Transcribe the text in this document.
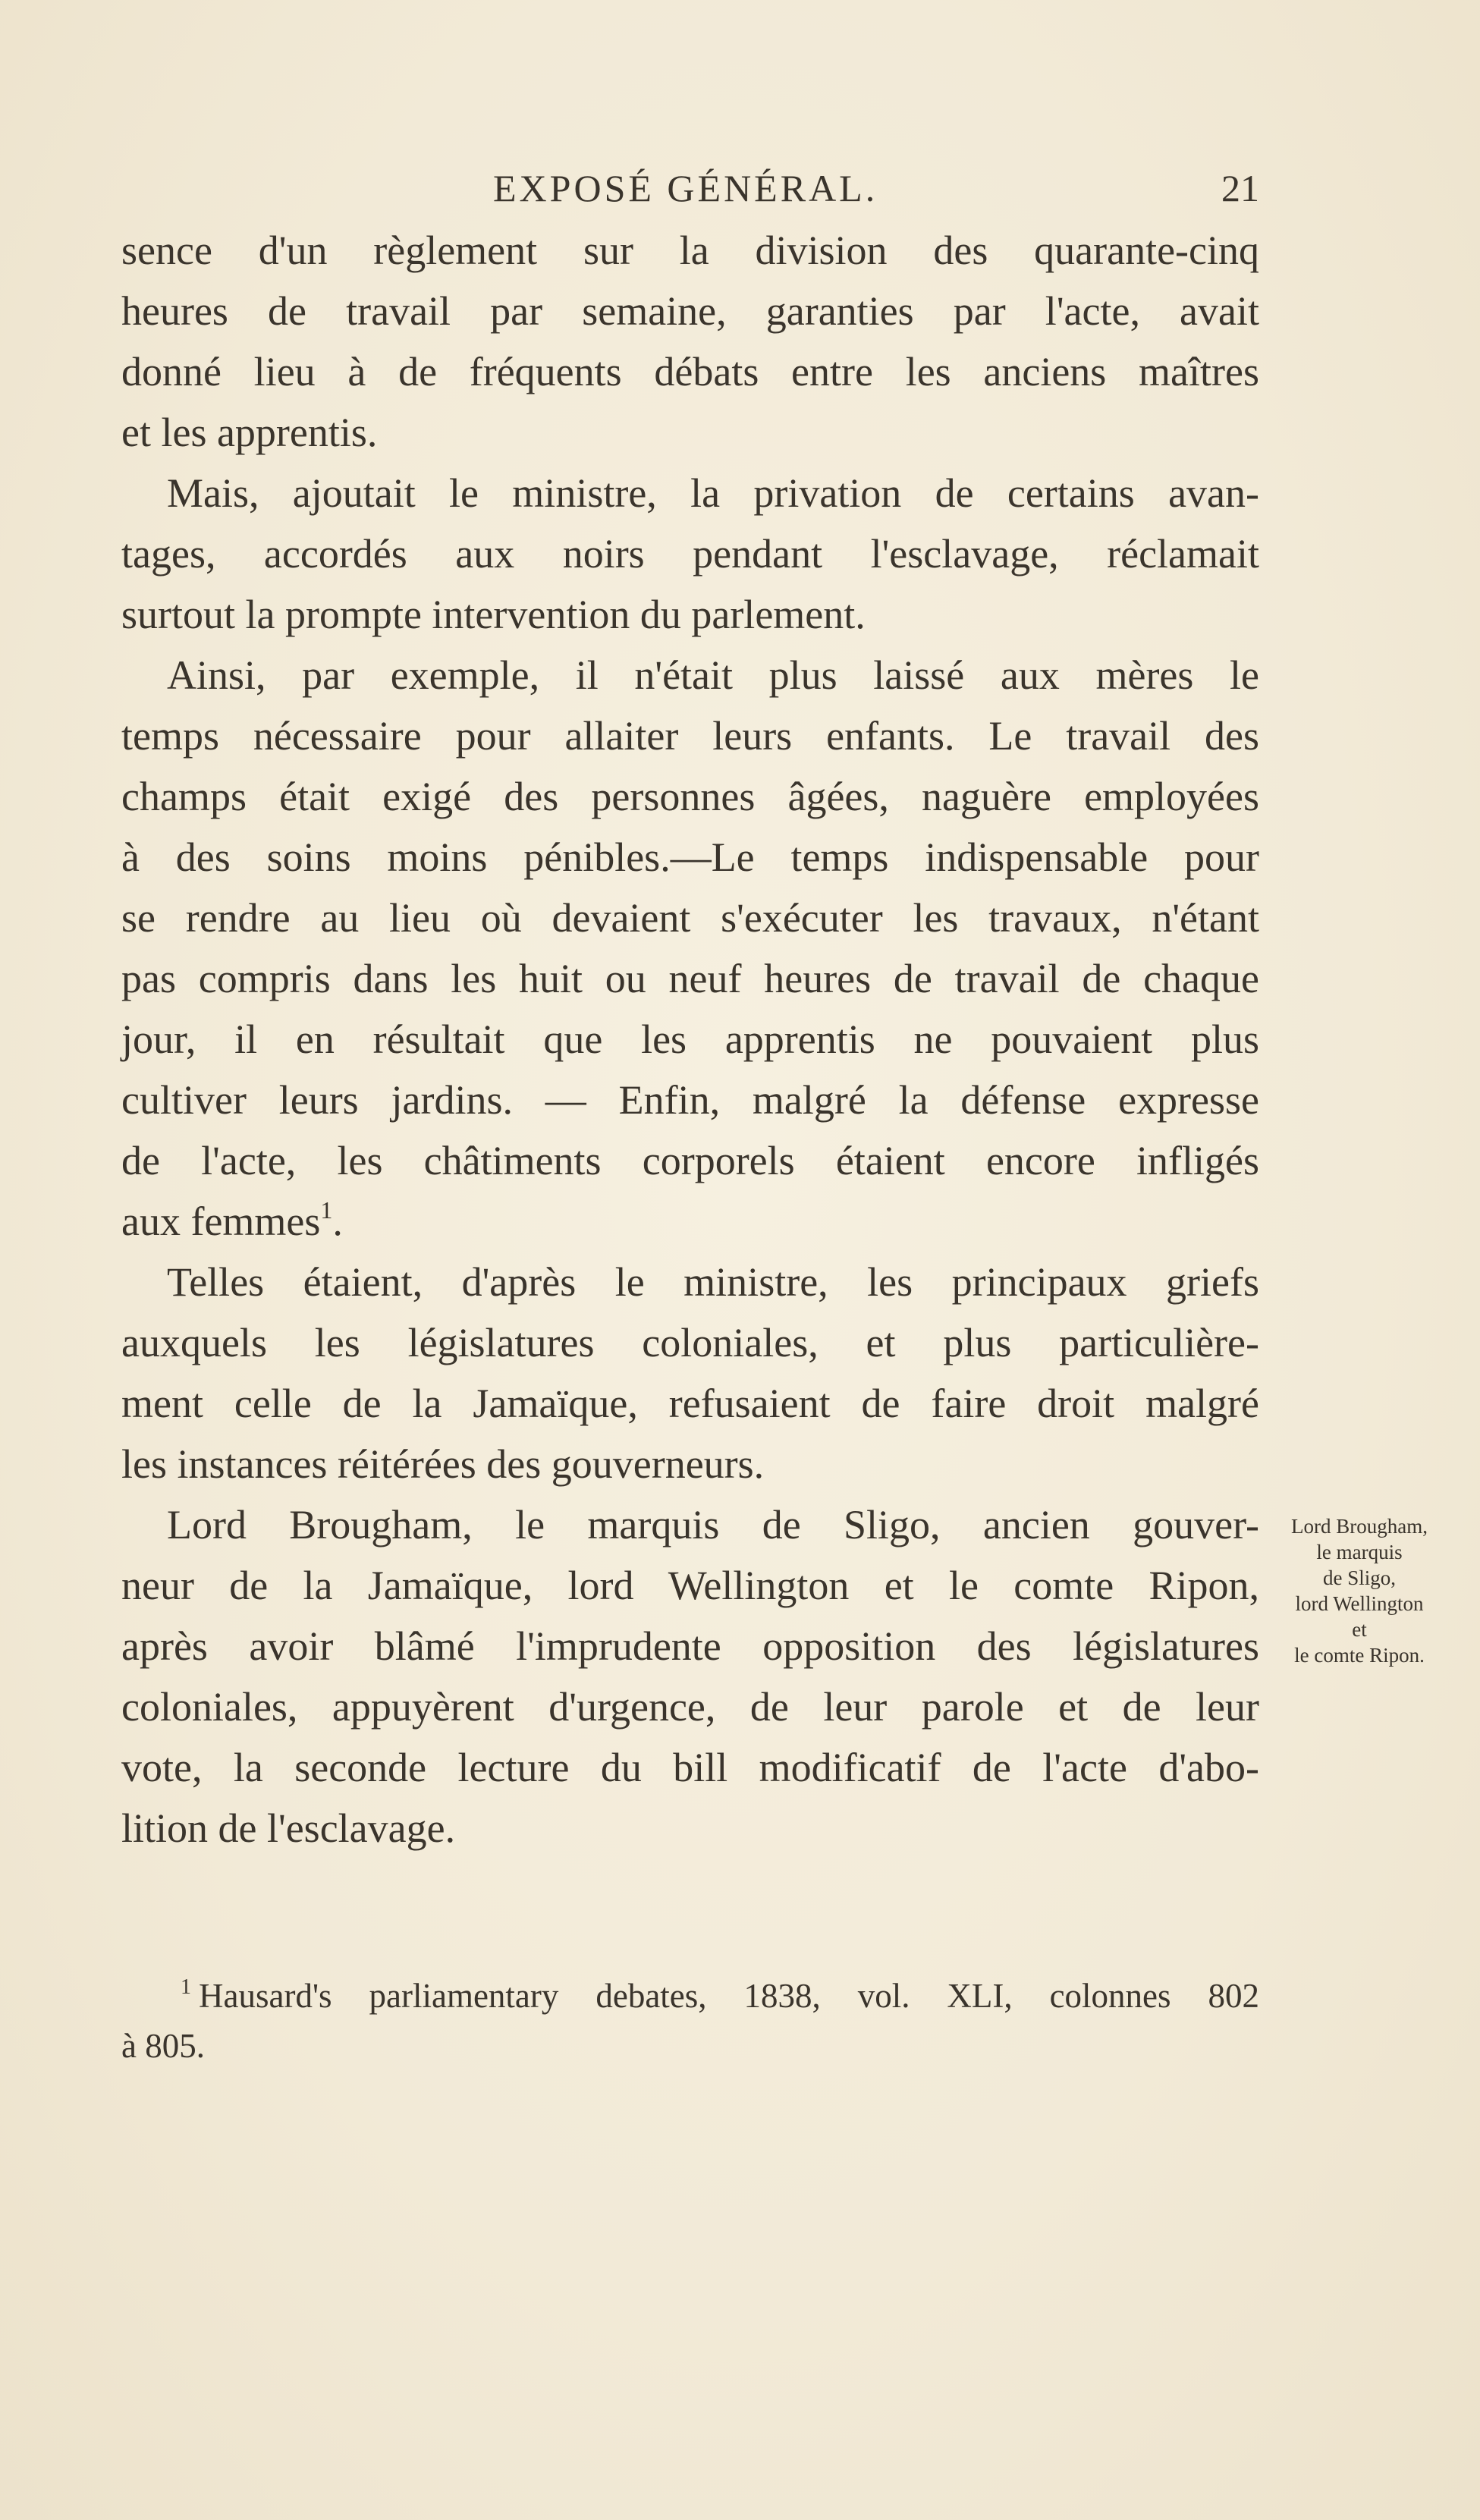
EXPOSÉ GÉNÉRAL.	21
sence d'un règlement sur la division des quarante-cinq
heures de travail par semaine, garanties par l'acte, avait
donné lieu à de fréquents débats entre les anciens maîtres
et les apprentis.
Mais, ajoutait le ministre, la privation de certains avan-
tages, accordés aux noirs pendant l'esclavage, réclamait
surtout la prompte intervention du parlement.
Ainsi, par exemple, il n'était plus laissé aux mères le
temps nécessaire pour allaiter leurs enfants. Le travail des
champs était exigé des personnes âgées, naguère employées
à des soins moins pénibles.—Le temps indispensable pour
se rendre au lieu où devaient s'exécuter les travaux, n'étant
pas compris dans les huit ou neuf heures de travail de chaque
jour, il en résultait que les apprentis ne pouvaient plus
cultiver leurs jardins. — Enfin, malgré la défense expresse
de l'acte, les châtiments corporels étaient encore infligés
aux femmes$^1$.
Telles étaient, d'après le ministre, les principaux griefs
auxquels les législatures coloniales, et plus particulière-
ment celle de la Jamaïque, refusaient de faire droit malgré
les instances réitérées des gouverneurs.
Lord Brougham, le marquis de Sligo, ancien gouver-
neur de la Jamaïque, lord Wellington et le comte Ripon,
après avoir blâmé l'imprudente opposition des législatures
coloniales, appuyèrent d'urgence, de leur parole et de leur
vote, la seconde lecture du bill modificatif de l'acte d'abo-
lition de l'esclavage.
Lord Brougham,
le marquis
de Sligo,
lord Wellington
et
le comte Ripon.
$^1$ Hausard's parliamentary debates, 1838, vol. XLI, colonnes 802
à 805.
